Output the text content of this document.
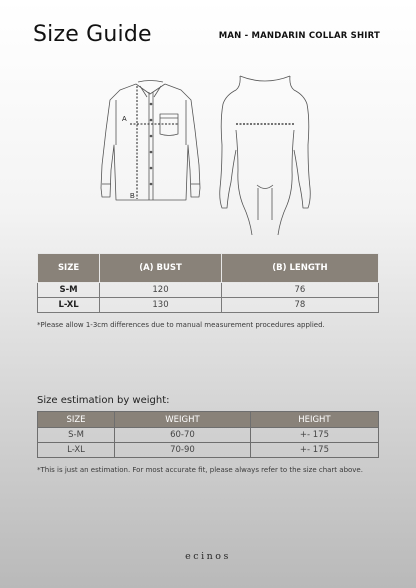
Size Guide	MAN - MANDARIN COLLAR SHIRT
A
B
SIZE	(A) BUST	(B) LENGTH
S-M	120	76
L-XL	130	78
*Please allow 1-3cm differences due to manual measurement procedures applied.
Size estimation by weight:
SIZE	WEIGHT	HEIGHT
S-M	60-70	+- 175
L-XL	70-90	+- 175
*This is just an estimation. For most accurate fit, please always refer to the size chart above.
ecinos
